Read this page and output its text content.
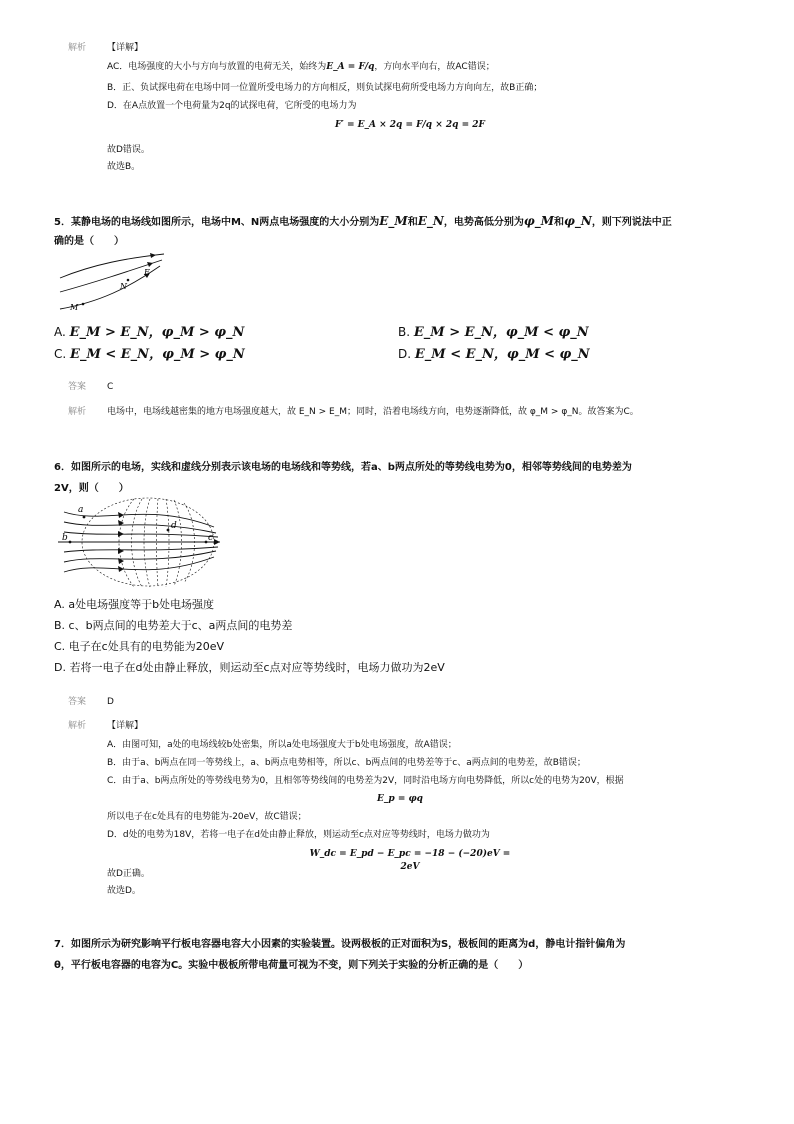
解析 【详解】
AC．电场强度的大小与方向与放置的电荷无关，始终为E_A = F/q，方向水平向右，故AC错误；
B．正、负试探电荷在电场中同一位置所受电场力的方向相反，则负试探电荷所受电场力方向向左，故B正确；
D．在A点放置一个电荷量为2q的试探电荷，它所受的电场力为
F′ = E_A × 2q = F/q × 2q = 2F
故D错误。
故选B。
5．某静电场的电场线如图所示，电场中M、N两点电场强度的大小分别为E_M和E_N，电势高低分别为φ_M和φ_N，则下列说法中正
确的是（　　）
E
N
M
A. E_M > E_N，φ_M > φ_N	B. E_M > E_N，φ_M < φ_N
C. E_M < E_N，φ_M > φ_N	D. E_M < E_N，φ_M < φ_N
答案 C
解析 电场中，电场线越密集的地方电场强度越大，故 E_N > E_M；同时，沿着电场线方向，电势逐渐降低，故 φ_M > φ_N。故答案为C。
6．如图所示的电场，实线和虚线分别表示该电场的电场线和等势线，若a、b两点所处的等势线电势为0，相邻等势线间的电势差为
2V，则（　　）
a
b	c
d
A. a处电场强度等于b处电场强度
B. c、b两点间的电势差大于c、a两点间的电势差
C. 电子在c处具有的电势能为20eV
D. 若将一电子在d处由静止释放，则运动至c点对应等势线时，电场力做功为2eV
答案 D
解析 【详解】
A．由图可知，a处的电场线较b处密集，所以a处电场强度大于b处电场强度，故A错误；
B．由于a、b两点在同一等势线上，a、b两点电势相等，所以c、b两点间的电势差等于c、a两点间的电势差，故B错误；
C．由于a、b两点所处的等势线电势为0，且相邻等势线间的电势差为2V，同时沿电场方向电势降低，所以c处的电势为20V，根据
E_p = φq
所以电子在c处具有的电势能为-20eV，故C错误；
D．d处的电势为18V，若将一电子在d处由静止释放，则运动至c点对应等势线时，电场力做功为
W_dc = E_pd − E_pc = −18 − (−20)eV = 2eV
故D正确。
故选D。
7．如图所示为研究影响平行板电容器电容大小因素的实验装置。设两极板的正对面积为S，极板间的距离为d，静电计指针偏角为
θ，平行板电容器的电容为C。实验中极板所带电荷量可视为不变，则下列关于实验的分析正确的是（　　）
